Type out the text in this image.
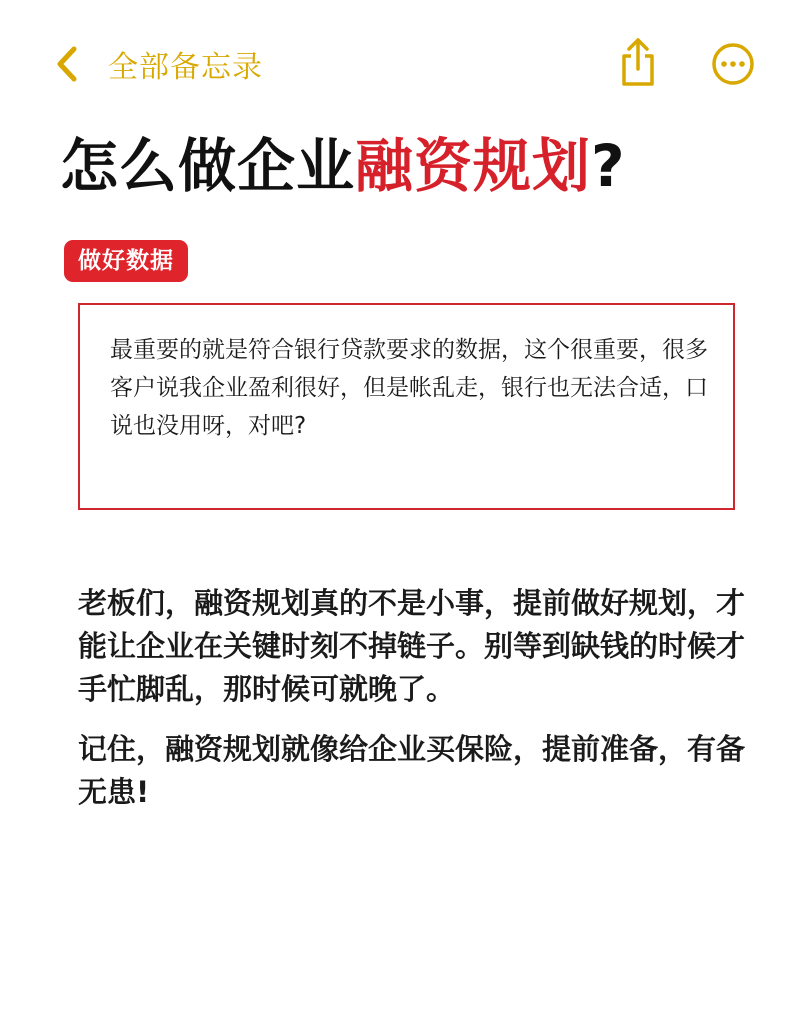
全部备忘录
怎么做企业融资规划?
做好数据

最重要的就是符合银行贷款要求的数据，这个很重要，很多客户说我企业盈利很好，但是帐乱走，银行也无法合适，口说也没用呀，对吧?

老板们，融资规划真的不是小事，提前做好规划，才能让企业在关键时刻不掉链子。别等到缺钱的时候才手忙脚乱，那时候可就晚了。

记住，融资规划就像给企业买保险，提前准备，有备无患!
